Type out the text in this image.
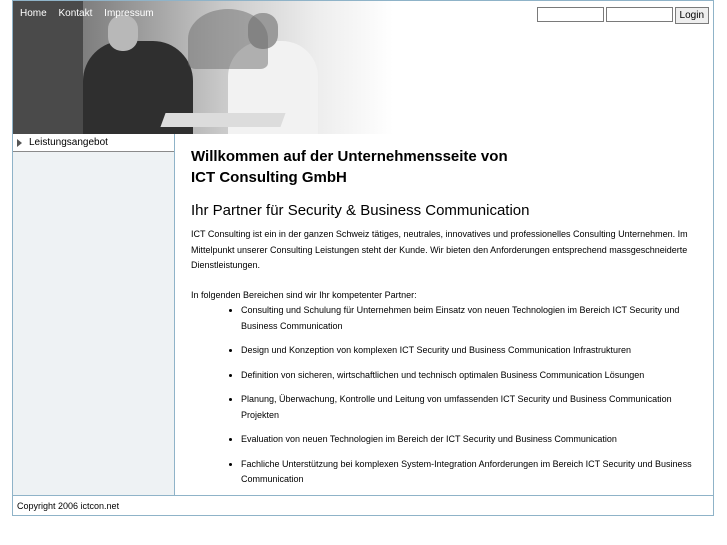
Home Kontakt Impressum	Login
Leistungsangebot
Willkommen auf der Unternehmensseite von
ICT Consulting GmbH
Ihr Partner für Security & Business Communication

ICT Consulting ist ein in der ganzen Schweiz tätiges, neutrales, innovatives und professionelles Consulting Unternehmen. Im Mittelpunkt unserer Consulting Leistungen steht der Kunde. Wir bieten den Anforderungen entsprechend massgeschneiderte Dienstleistungen.

In folgenden Bereichen sind wir Ihr kompetenter Partner:

• Consulting und Schulung für Unternehmen beim Einsatz von neuen Technologien im Bereich ICT Security und Business Communication
• Design und Konzeption von komplexen ICT Security und Business Communication Infrastrukturen
• Definition von sicheren, wirtschaftlichen und technisch optimalen Business Communication Lösungen
• Planung, Überwachung, Kontrolle und Leitung von umfassenden ICT Security und Business Communication Projekten
• Evaluation von neuen Technologien im Bereich der ICT Security und Business Communication
• Fachliche Unterstützung bei komplexen System-Integration Anforderungen im Bereich ICT Security und Business Communication
Copyright 2006 ictcon.net
